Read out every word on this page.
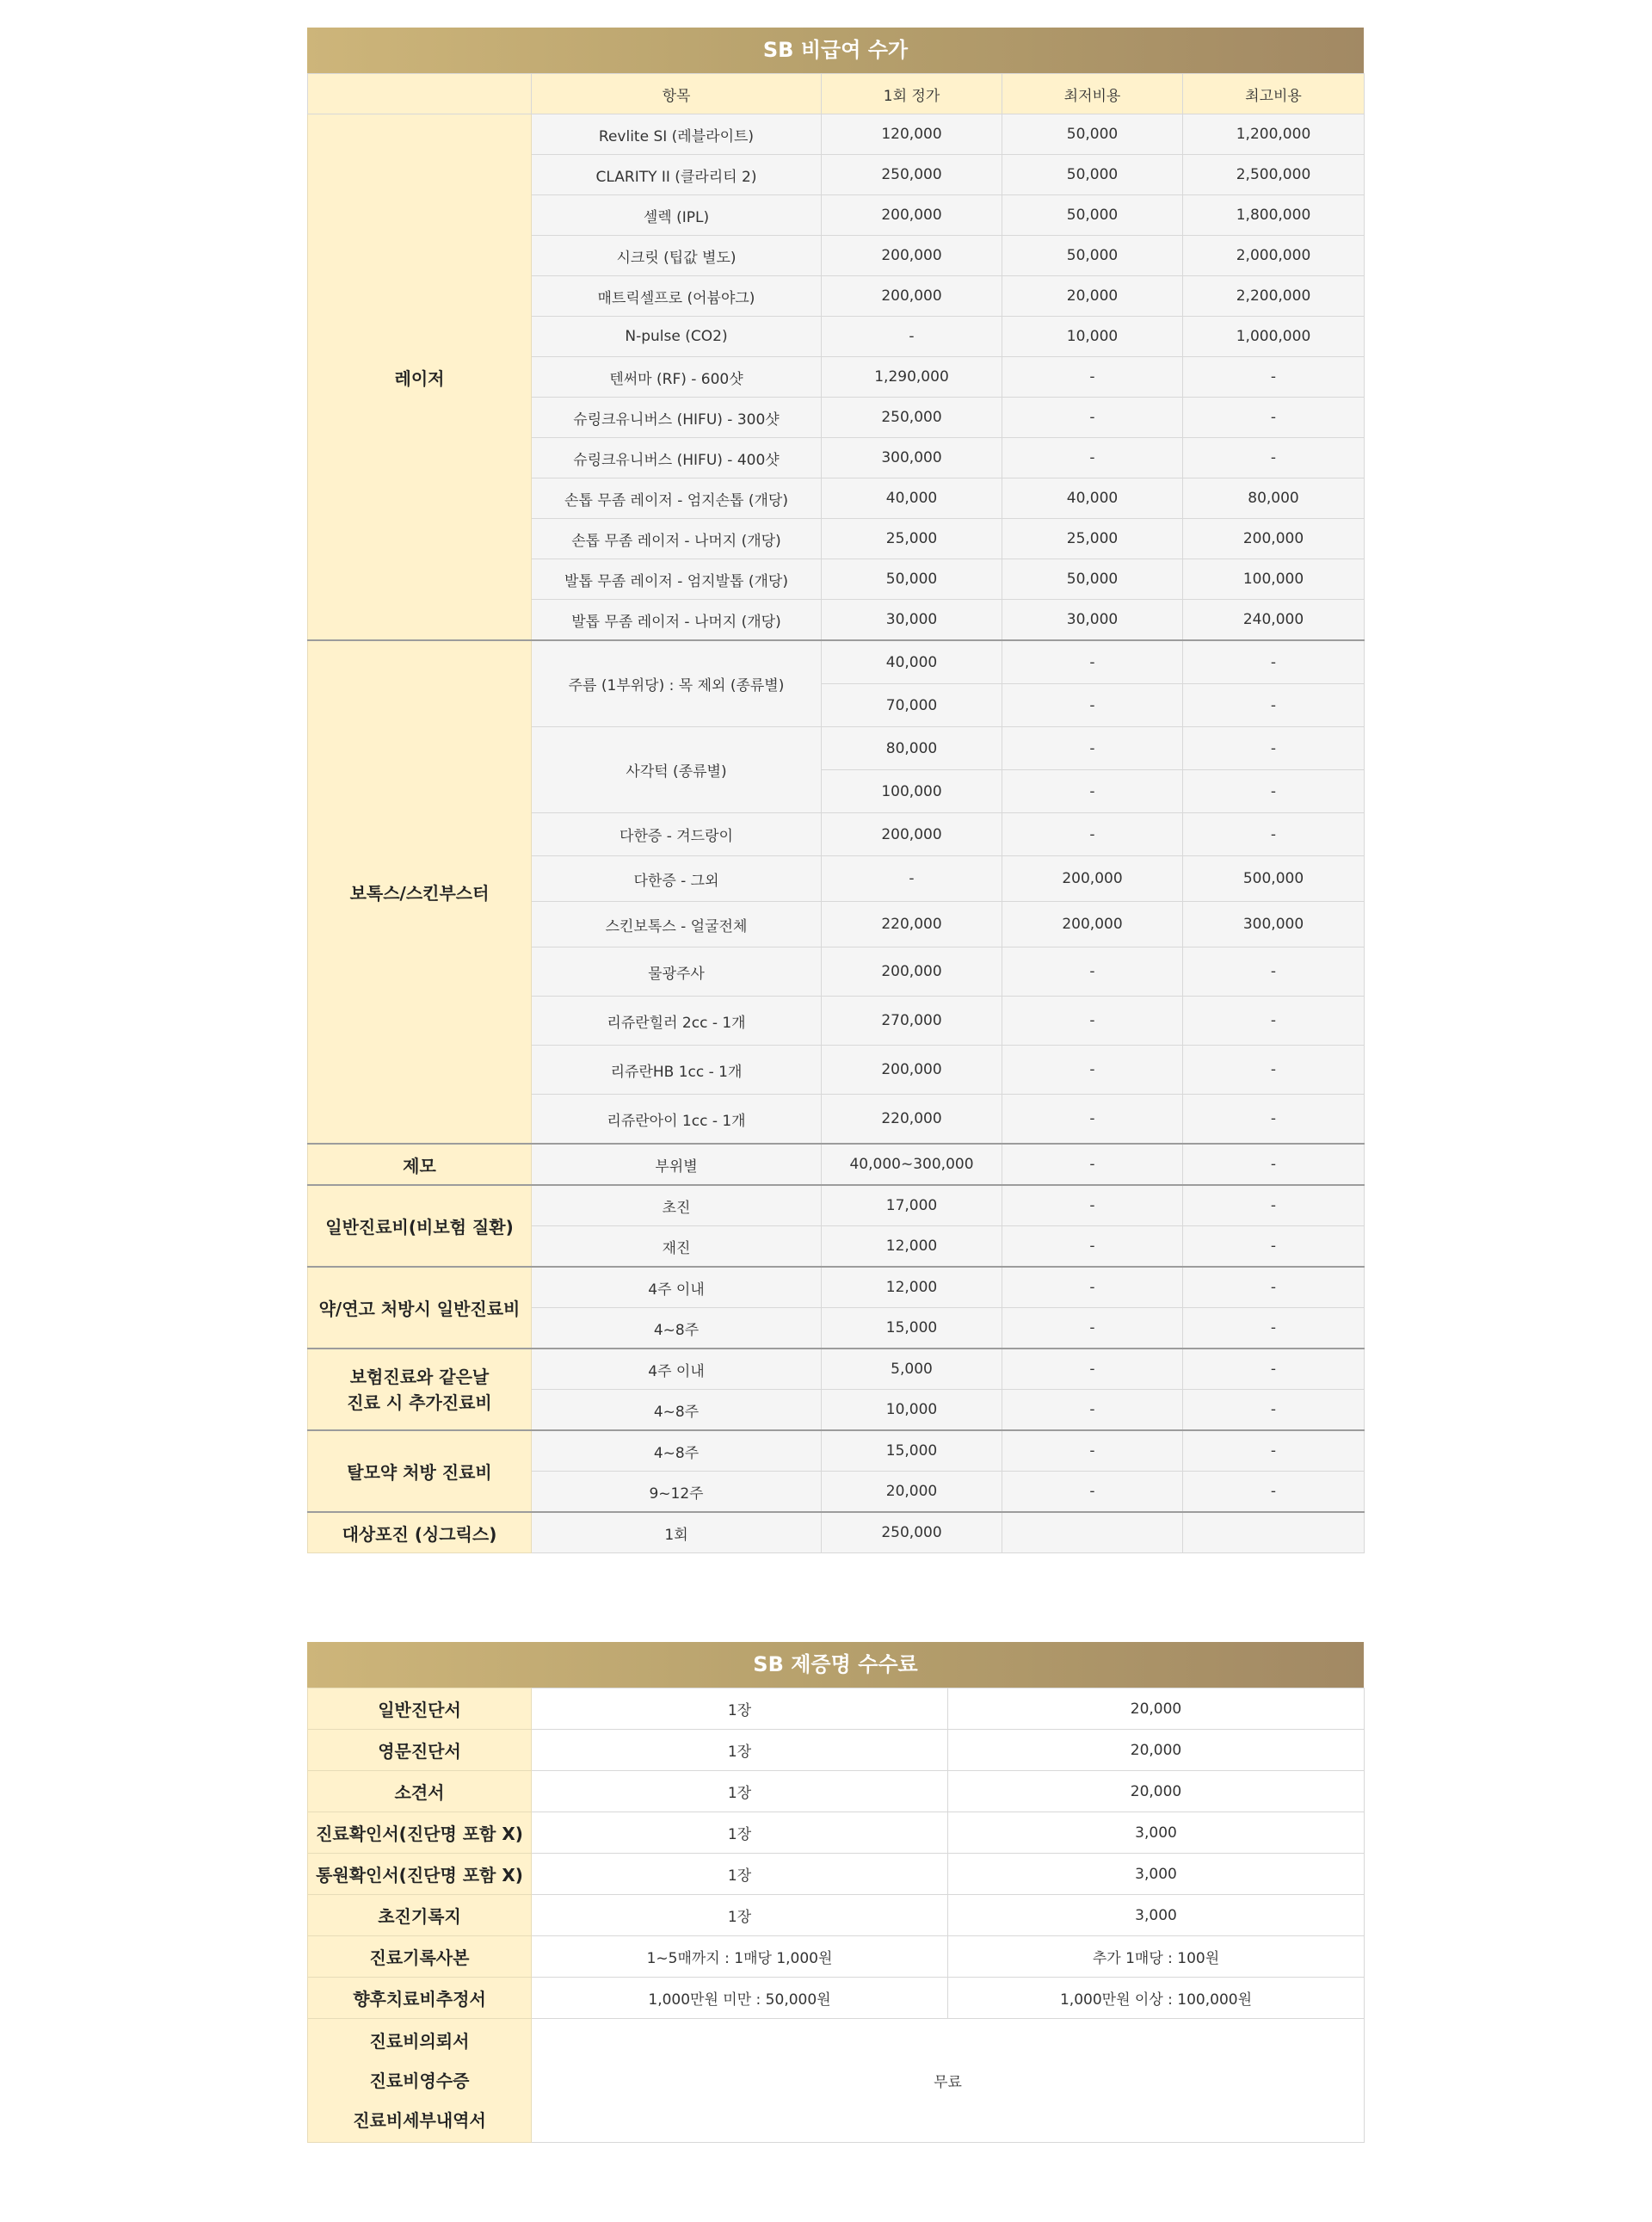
SB 비급여 수가
	항목	1회 정가	최저비용	최고비용
레이저	Revlite SI (레블라이트)	120,000	50,000	1,200,000
	CLARITY II (클라리티 2)	250,000	50,000	2,500,000
	셀렉 (IPL)	200,000	50,000	1,800,000
	시크릿 (팁값 별도)	200,000	50,000	2,000,000
	매트릭셀프로 (어븀야그)	200,000	20,000	2,200,000
	N-pulse (CO2)	-	10,000	1,000,000
	텐써마 (RF) - 600샷	1,290,000	-	-
	슈링크유니버스 (HIFU) - 300샷	250,000	-	-
	슈링크유니버스 (HIFU) - 400샷	300,000	-	-
	손톱 무좀 레이저 - 엄지손톱 (개당)	40,000	40,000	80,000
	손톱 무좀 레이저 - 나머지 (개당)	25,000	25,000	200,000
	발톱 무좀 레이저 - 엄지발톱 (개당)	50,000	50,000	100,000
	발톱 무좀 레이저 - 나머지 (개당)	30,000	30,000	240,000
보톡스/스킨부스터	주름 (1부위당) : 목 제외 (종류별)	40,000	-	-
		70,000	-	-
	사각턱 (종류별)	80,000	-	-
		100,000	-	-
	다한증 - 겨드랑이	200,000	-	-
	다한증 - 그외	-	200,000	500,000
	스킨보톡스 - 얼굴전체	220,000	200,000	300,000
	물광주사	200,000	-	-
	리쥬란힐러 2cc - 1개	270,000	-	-
	리쥬란HB 1cc - 1개	200,000	-	-
	리쥬란아이 1cc - 1개	220,000	-	-
제모	부위별	40,000~300,000	-	-
일반진료비(비보험 질환)	초진	17,000	-	-
	재진	12,000	-	-
약/연고 처방시 일반진료비	4주 이내	12,000	-	-
	4~8주	15,000	-	-

보험진료와 같은날
진료 시 추가진료비	4주 이내	5,000	-	-
	4~8주	10,000	-	-
탈모약 처방 진료비	4~8주	15,000	-	-
	9~12주	20,000	-	-
대상포진 (싱그릭스)	1회	250,000		
SB 제증명 수수료
일반진단서	1장	20,000
영문진단서	1장	20,000
소견서	1장	20,000
진료확인서(진단명 포함 X)	1장	3,000
통원확인서(진단명 포함 X)	1장	3,000
초진기록지	1장	3,000
진료기록사본	1~5매까지 : 1매당 1,000원	추가 1매당 : 100원
향후치료비추정서	1,000만원 미만 : 50,000원	1,000만원 이상 : 100,000원

진료비의뢰서
진료비영수증
진료비세부내역서	무료	
